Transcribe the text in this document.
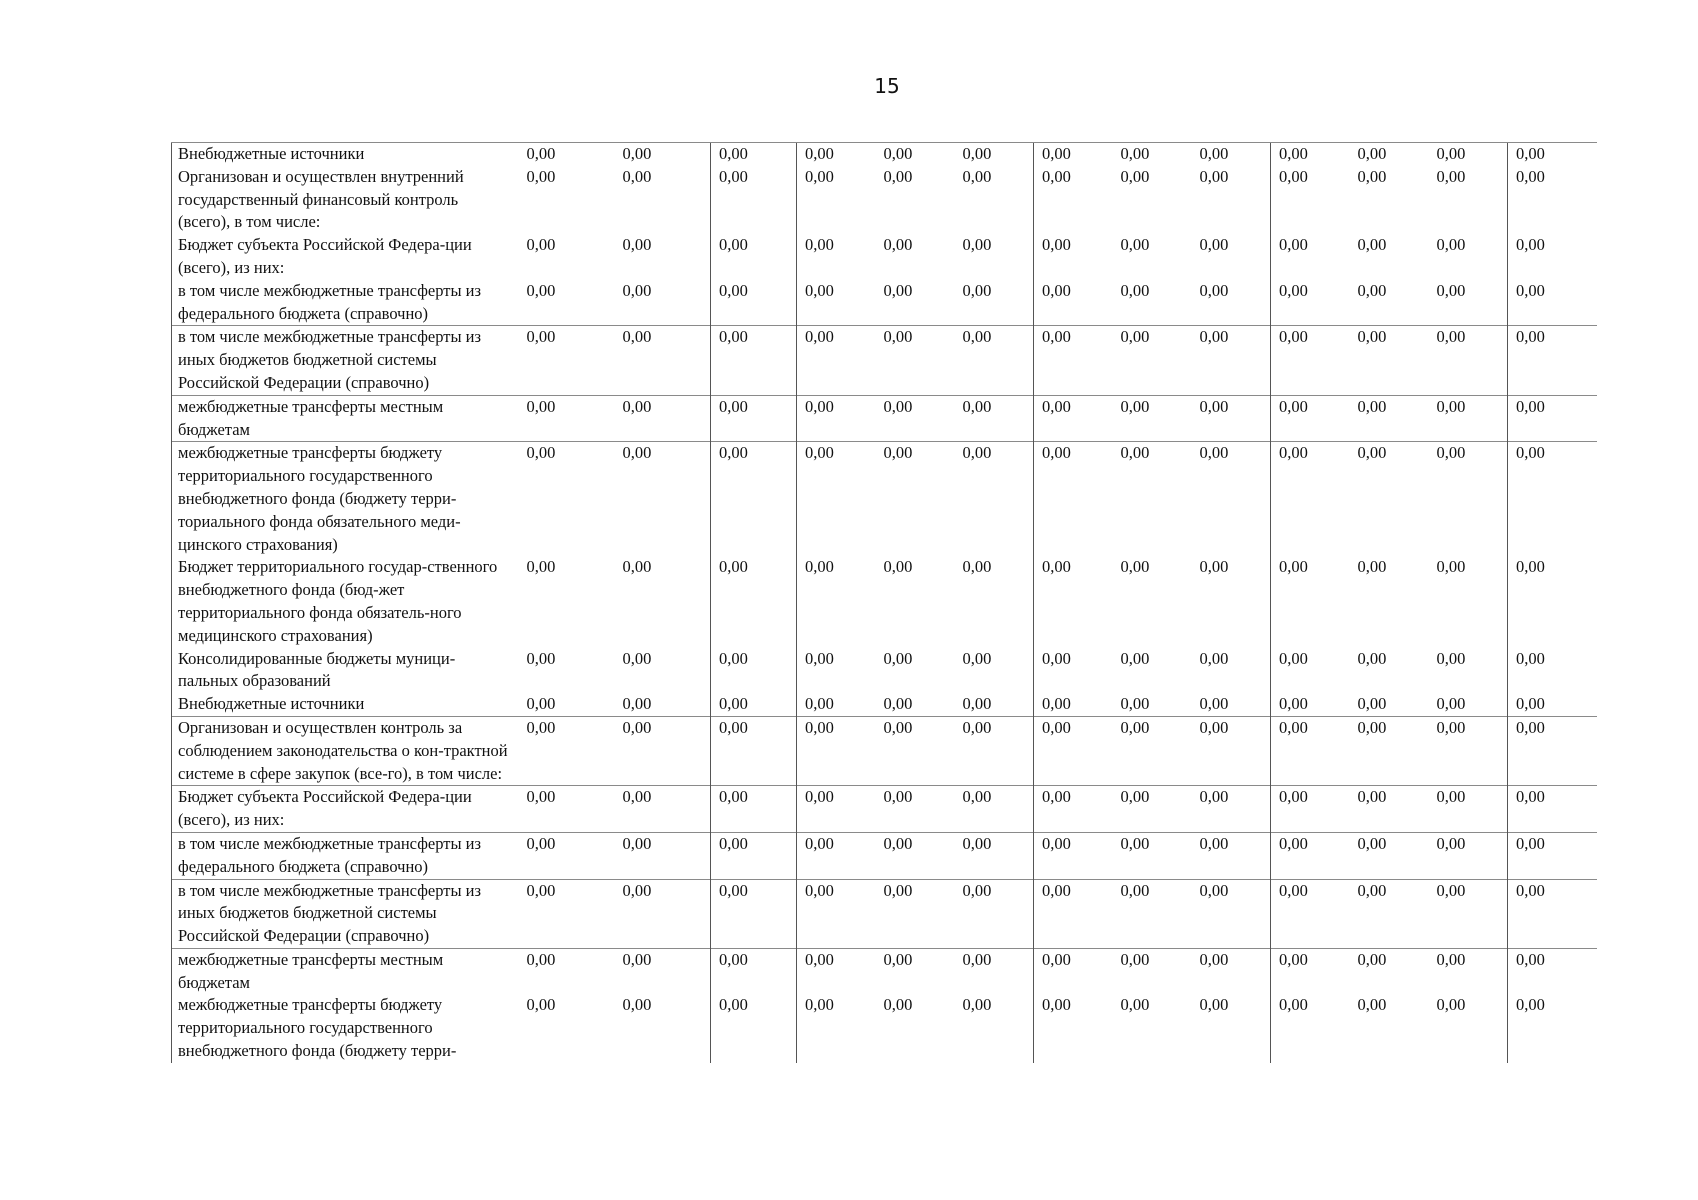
15
Внебюджетные источники	0,00	0,00	0,00	0,00	0,00	0,00	0,00	0,00	0,00	0,00	0,00	0,00	0,00
Организован и осуществлен внутренний государственный финансовый контроль (всего), в том числе:	0,00	0,00	0,00	0,00	0,00	0,00	0,00	0,00	0,00	0,00	0,00	0,00	0,00
Бюджет субъекта Российской Федера-ции (всего), из них:	0,00	0,00	0,00	0,00	0,00	0,00	0,00	0,00	0,00	0,00	0,00	0,00	0,00
в том числе межбюджетные трансферты из федерального бюджета (справочно)	0,00	0,00	0,00	0,00	0,00	0,00	0,00	0,00	0,00	0,00	0,00	0,00	0,00
в том числе межбюджетные трансферты из иных бюджетов бюджетной системы Российской Федерации (справочно)	0,00	0,00	0,00	0,00	0,00	0,00	0,00	0,00	0,00	0,00	0,00	0,00	0,00
межбюджетные трансферты местным бюджетам	0,00	0,00	0,00	0,00	0,00	0,00	0,00	0,00	0,00	0,00	0,00	0,00	0,00
межбюджетные трансферты бюджету территориального государственного внебюджетного фонда (бюджету терри-ториального фонда обязательного меди-цинского страхования)	0,00	0,00	0,00	0,00	0,00	0,00	0,00	0,00	0,00	0,00	0,00	0,00	0,00
Бюджет территориального государ-ственного внебюджетного фонда (бюд-жет территориального фонда обязатель-ного медицинского страхования)	0,00	0,00	0,00	0,00	0,00	0,00	0,00	0,00	0,00	0,00	0,00	0,00	0,00
Консолидированные бюджеты муници-пальных образований	0,00	0,00	0,00	0,00	0,00	0,00	0,00	0,00	0,00	0,00	0,00	0,00	0,00
Внебюджетные источники	0,00	0,00	0,00	0,00	0,00	0,00	0,00	0,00	0,00	0,00	0,00	0,00	0,00
Организован и осуществлен контроль за соблюдением законодательства о кон-трактной системе в сфере закупок (все-го), в том числе:	0,00	0,00	0,00	0,00	0,00	0,00	0,00	0,00	0,00	0,00	0,00	0,00	0,00
Бюджет субъекта Российской Федера-ции (всего), из них:	0,00	0,00	0,00	0,00	0,00	0,00	0,00	0,00	0,00	0,00	0,00	0,00	0,00
в том числе межбюджетные трансферты из федерального бюджета (справочно)	0,00	0,00	0,00	0,00	0,00	0,00	0,00	0,00	0,00	0,00	0,00	0,00	0,00
в том числе межбюджетные трансферты из иных бюджетов бюджетной системы Российской Федерации (справочно)	0,00	0,00	0,00	0,00	0,00	0,00	0,00	0,00	0,00	0,00	0,00	0,00	0,00
межбюджетные трансферты местным бюджетам	0,00	0,00	0,00	0,00	0,00	0,00	0,00	0,00	0,00	0,00	0,00	0,00	0,00
межбюджетные трансферты бюджету территориального государственного внебюджетного фонда (бюджету терри-	0,00	0,00	0,00	0,00	0,00	0,00	0,00	0,00	0,00	0,00	0,00	0,00	0,00
